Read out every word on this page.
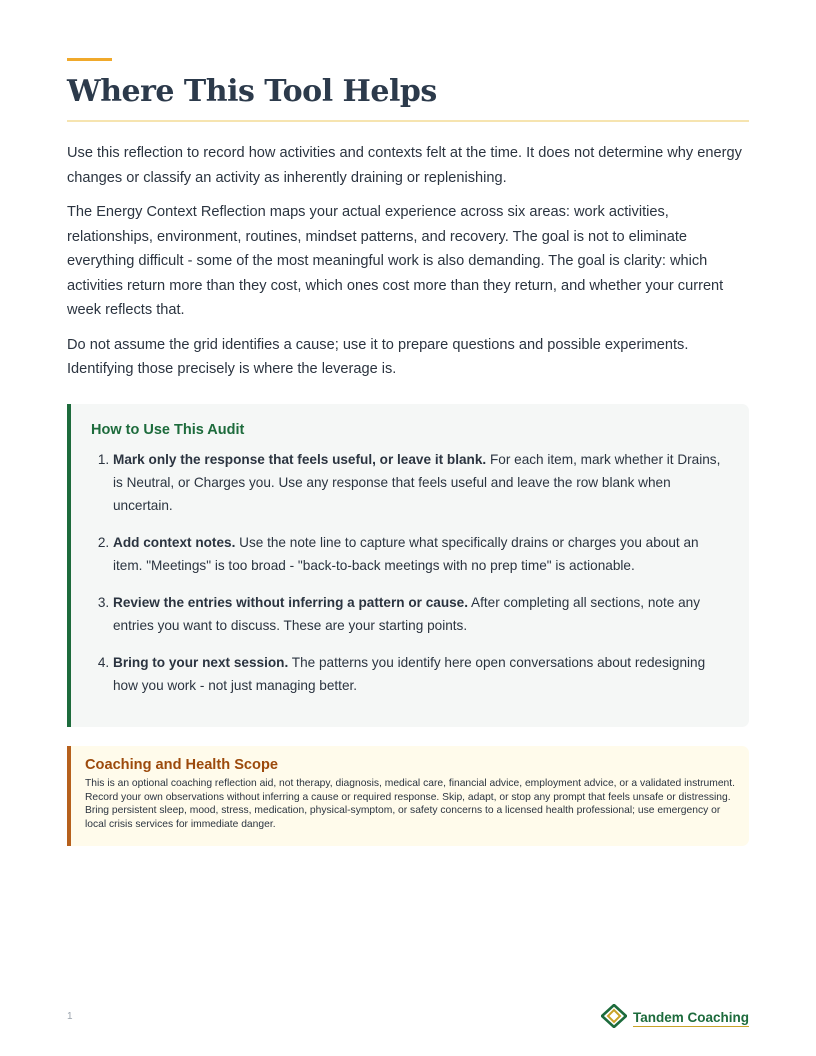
Where This Tool Helps

Use this reflection to record how activities and contexts felt at the time. It does not determine why energy changes or classify an activity as inherently draining or replenishing.

The Energy Context Reflection maps your actual experience across six areas: work activities, relationships, environment, routines, mindset patterns, and recovery. The goal is not to eliminate everything difficult - some of the most meaningful work is also demanding. The goal is clarity: which activities return more than they cost, which ones cost more than they return, and whether your current week reflects that.

Do not assume the grid identifies a cause; use it to prepare questions and possible experiments. Identifying those precisely is where the leverage is.

How to Use This Audit
1. Mark only the response that feels useful, or leave it blank. For each item, mark whether it Drains, is Neutral, or Charges you. Use any response that feels useful and leave the row blank when uncertain.
2. Add context notes. Use the note line to capture what specifically drains or charges you about an item. "Meetings" is too broad - "back-to-back meetings with no prep time" is actionable.
3. Review the entries without inferring a pattern or cause. After completing all sections, note any entries you want to discuss. These are your starting points.
4. Bring to your next session. The patterns you identify here open conversations about redesigning how you work - not just managing better.
Coaching and Health Scope

This is an optional coaching reflection aid, not therapy, diagnosis, medical care, financial advice, employment advice, or a validated instrument. Record your own observations without inferring a cause or required response. Skip, adapt, or stop any prompt that feels unsafe or distressing. Bring persistent sleep, mood, stress, medication, physical-symptom, or safety concerns to a licensed health professional; use emergency or local crisis services for immediate danger.

1	Tandem Coaching
